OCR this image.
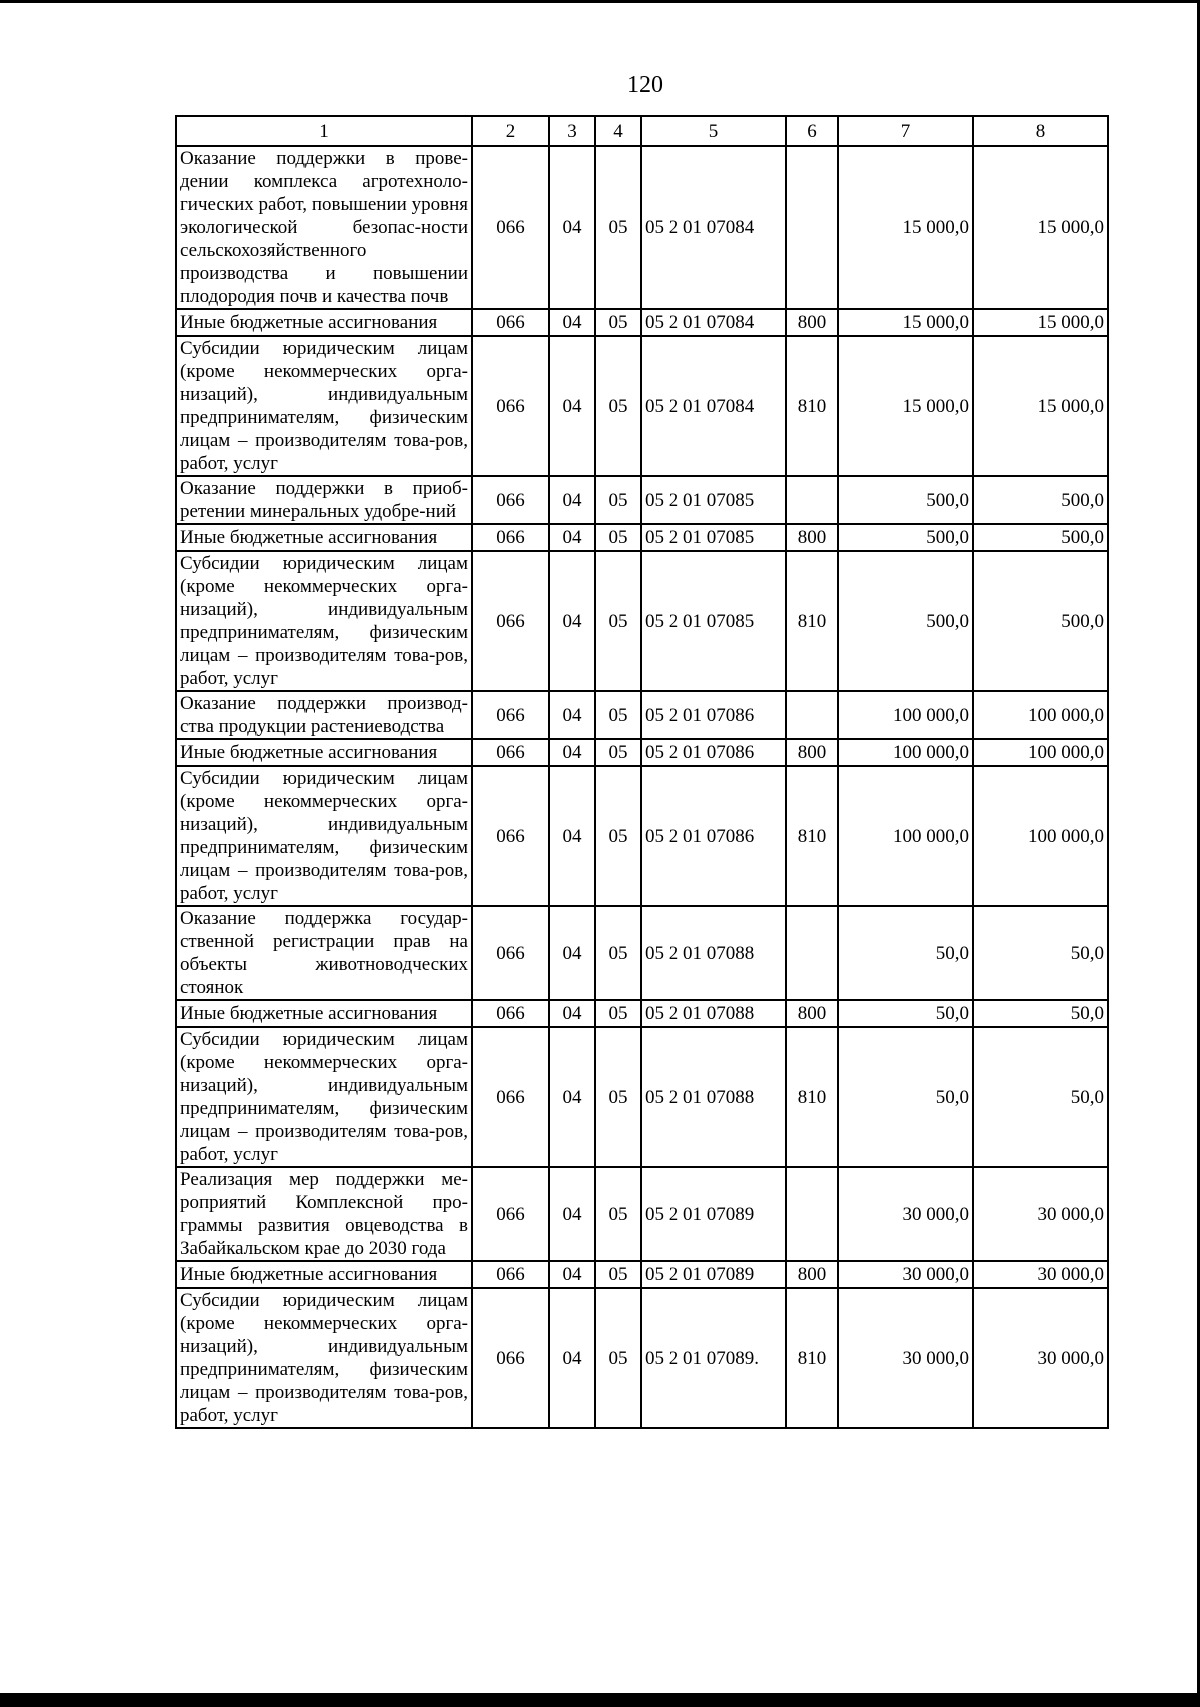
120
1	2	3	4	5	6	7	8
Оказание поддержки в прове-дении комплекса агротехноло-гических работ, повышении уровня экологической безопас-ности сельскохозяйственного производства и повышении плодородия почв и качества почв	066	04	05	05 2 01 07084		15 000,0	15 000,0
Иные бюджетные ассигнования	066	04	05	05 2 01 07084	800	15 000,0	15 000,0
Субсидии юридическим лицам (кроме некоммерческих орга-низаций), индивидуальным предпринимателям, физическим лицам – производителям това-ров, работ, услуг	066	04	05	05 2 01 07084	810	15 000,0	15 000,0
Оказание поддержки в приоб-ретении минеральных удобре-ний	066	04	05	05 2 01 07085		500,0	500,0
Иные бюджетные ассигнования	066	04	05	05 2 01 07085	800	500,0	500,0
Субсидии юридическим лицам (кроме некоммерческих орга-низаций), индивидуальным предпринимателям, физическим лицам – производителям това-ров, работ, услуг	066	04	05	05 2 01 07085	810	500,0	500,0
Оказание поддержки производ-ства продукции растениеводства	066	04	05	05 2 01 07086		100 000,0	100 000,0
Иные бюджетные ассигнования	066	04	05	05 2 01 07086	800	100 000,0	100 000,0
Субсидии юридическим лицам (кроме некоммерческих орга-низаций), индивидуальным предпринимателям, физическим лицам – производителям това-ров, работ, услуг	066	04	05	05 2 01 07086	810	100 000,0	100 000,0
Оказание поддержка государ-ственной регистрации прав на объекты животноводческих стоянок	066	04	05	05 2 01 07088		50,0	50,0
Иные бюджетные ассигнования	066	04	05	05 2 01 07088	800	50,0	50,0
Субсидии юридическим лицам (кроме некоммерческих орга-низаций), индивидуальным предпринимателям, физическим лицам – производителям това-ров, работ, услуг	066	04	05	05 2 01 07088	810	50,0	50,0
Реализация мер поддержки ме-роприятий Комплексной про-граммы развития овцеводства в Забайкальском крае до 2030 года	066	04	05	05 2 01 07089		30 000,0	30 000,0
Иные бюджетные ассигнования	066	04	05	05 2 01 07089	800	30 000,0	30 000,0
Субсидии юридическим лицам (кроме некоммерческих орга-низаций), индивидуальным предпринимателям, физическим лицам – производителям това-ров, работ, услуг	066	04	05	05 2 01 07089.	810	30 000,0	30 000,0
